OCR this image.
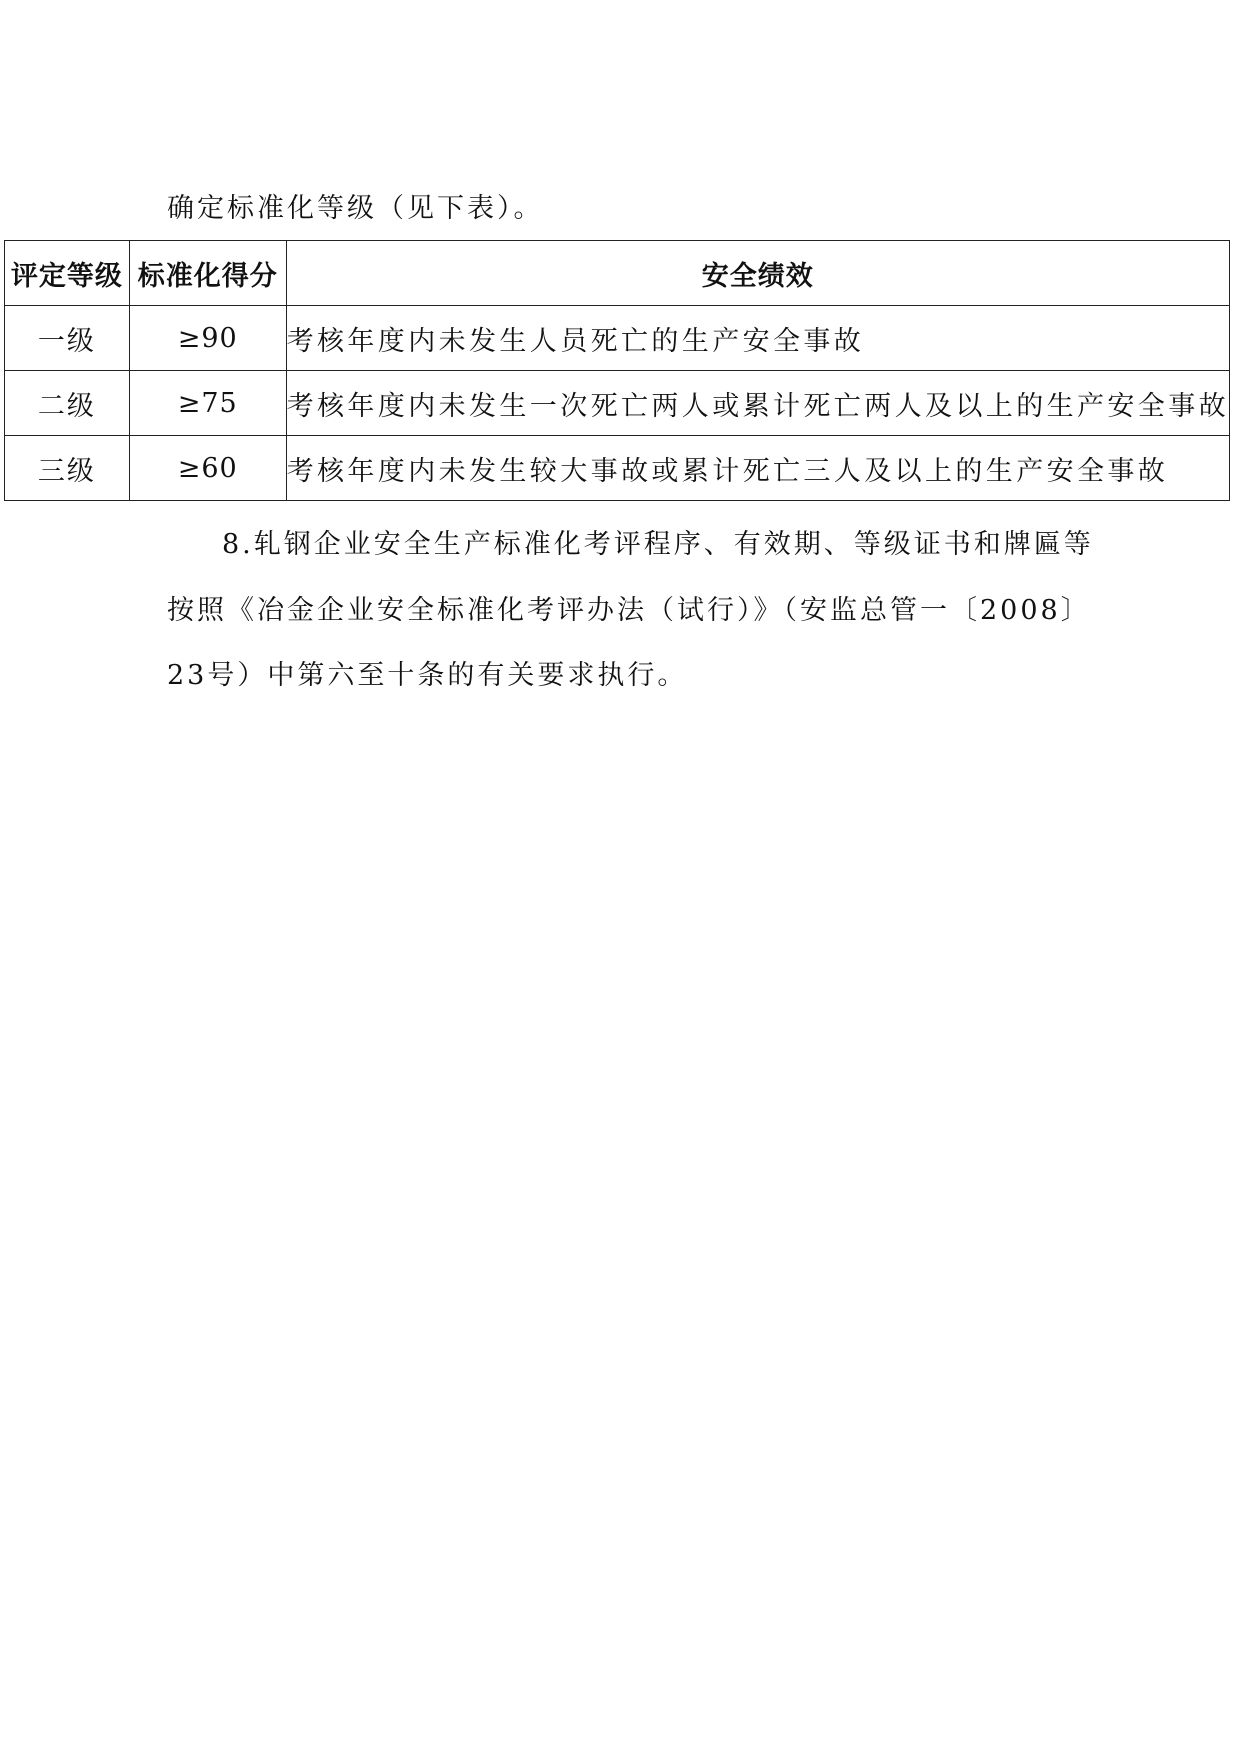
确定标准化等级（见下表）。
评定等级	标准化得分	安全绩效
一级	≥90	考核年度内未发生人员死亡的生产安全事故
二级	≥75	考核年度内未发生一次死亡两人或累计死亡两人及以上的生产安全事故
三级	≥60	考核年度内未发生较大事故或累计死亡三人及以上的生产安全事故
8.轧钢企业安全生产标准化考评程序、有效期、等级证书和牌匾等
按照《冶金企业安全标准化考评办法（试行）》（安监总管一〔2008〕
23号）中第六至十条的有关要求执行。
